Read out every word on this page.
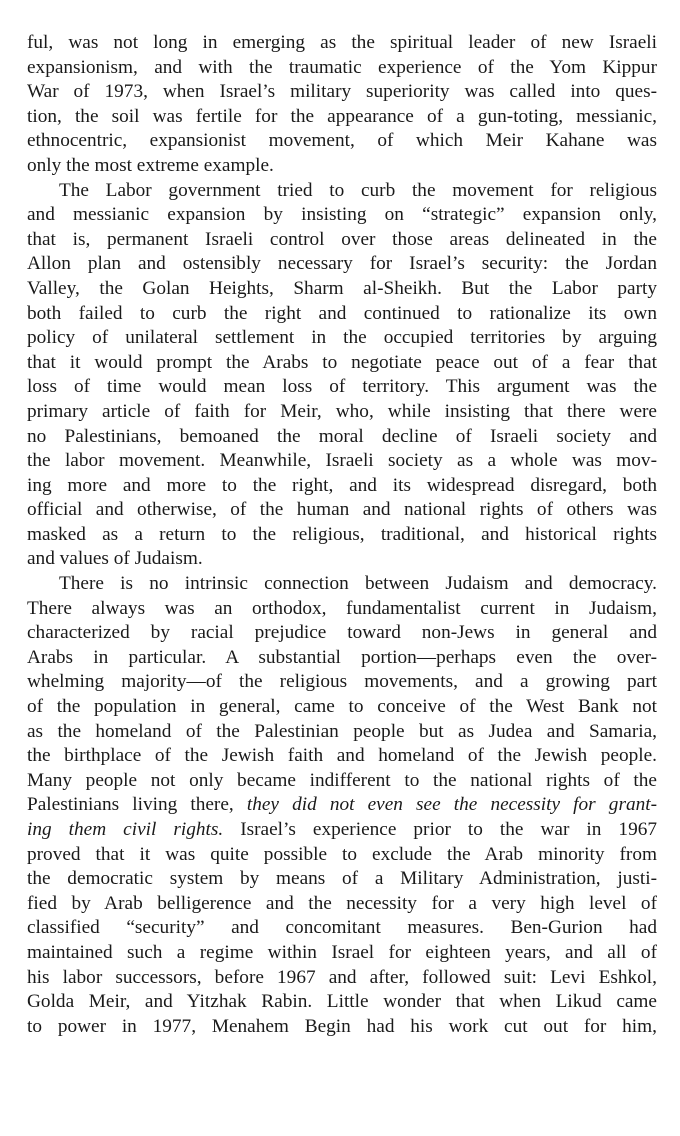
ful, was not long in emerging as the spiritual leader of new Israeli
expansionism, and with the traumatic experience of the Yom Kippur
War of 1973, when Israel’s military superiority was called into ques-
tion, the soil was fertile for the appearance of a gun-toting, messianic,
ethnocentric, expansionist movement, of which Meir Kahane was
only the most extreme example.
The Labor government tried to curb the movement for religious
and messianic expansion by insisting on “strategic” expansion only,
that is, permanent Israeli control over those areas delineated in the
Allon plan and ostensibly necessary for Israel’s security: the Jordan
Valley, the Golan Heights, Sharm al-Sheikh. But the Labor party
both failed to curb the right and continued to rationalize its own
policy of unilateral settlement in the occupied territories by arguing
that it would prompt the Arabs to negotiate peace out of a fear that
loss of time would mean loss of territory. This argument was the
primary article of faith for Meir, who, while insisting that there were
no Palestinians, bemoaned the moral decline of Israeli society and
the labor movement. Meanwhile, Israeli society as a whole was mov-
ing more and more to the right, and its widespread disregard, both
official and otherwise, of the human and national rights of others was
masked as a return to the religious, traditional, and historical rights
and values of Judaism.
There is no intrinsic connection between Judaism and democracy.
There always was an orthodox, fundamentalist current in Judaism,
characterized by racial prejudice toward non-Jews in general and
Arabs in particular. A substantial portion—perhaps even the over-
whelming majority—of the religious movements, and a growing part
of the population in general, came to conceive of the West Bank not
as the homeland of the Palestinian people but as Judea and Samaria,
the birthplace of the Jewish faith and homeland of the Jewish people.
Many people not only became indifferent to the national rights of the
Palestinians living there, they did not even see the necessity for grant-
ing them civil rights. Israel’s experience prior to the war in 1967
proved that it was quite possible to exclude the Arab minority from
the democratic system by means of a Military Administration, justi-
fied by Arab belligerence and the necessity for a very high level of
classified “security” and concomitant measures. Ben-Gurion had
maintained such a regime within Israel for eighteen years, and all of
his labor successors, before 1967 and after, followed suit: Levi Eshkol,
Golda Meir, and Yitzhak Rabin. Little wonder that when Likud came
to power in 1977, Menahem Begin had his work cut out for him,
